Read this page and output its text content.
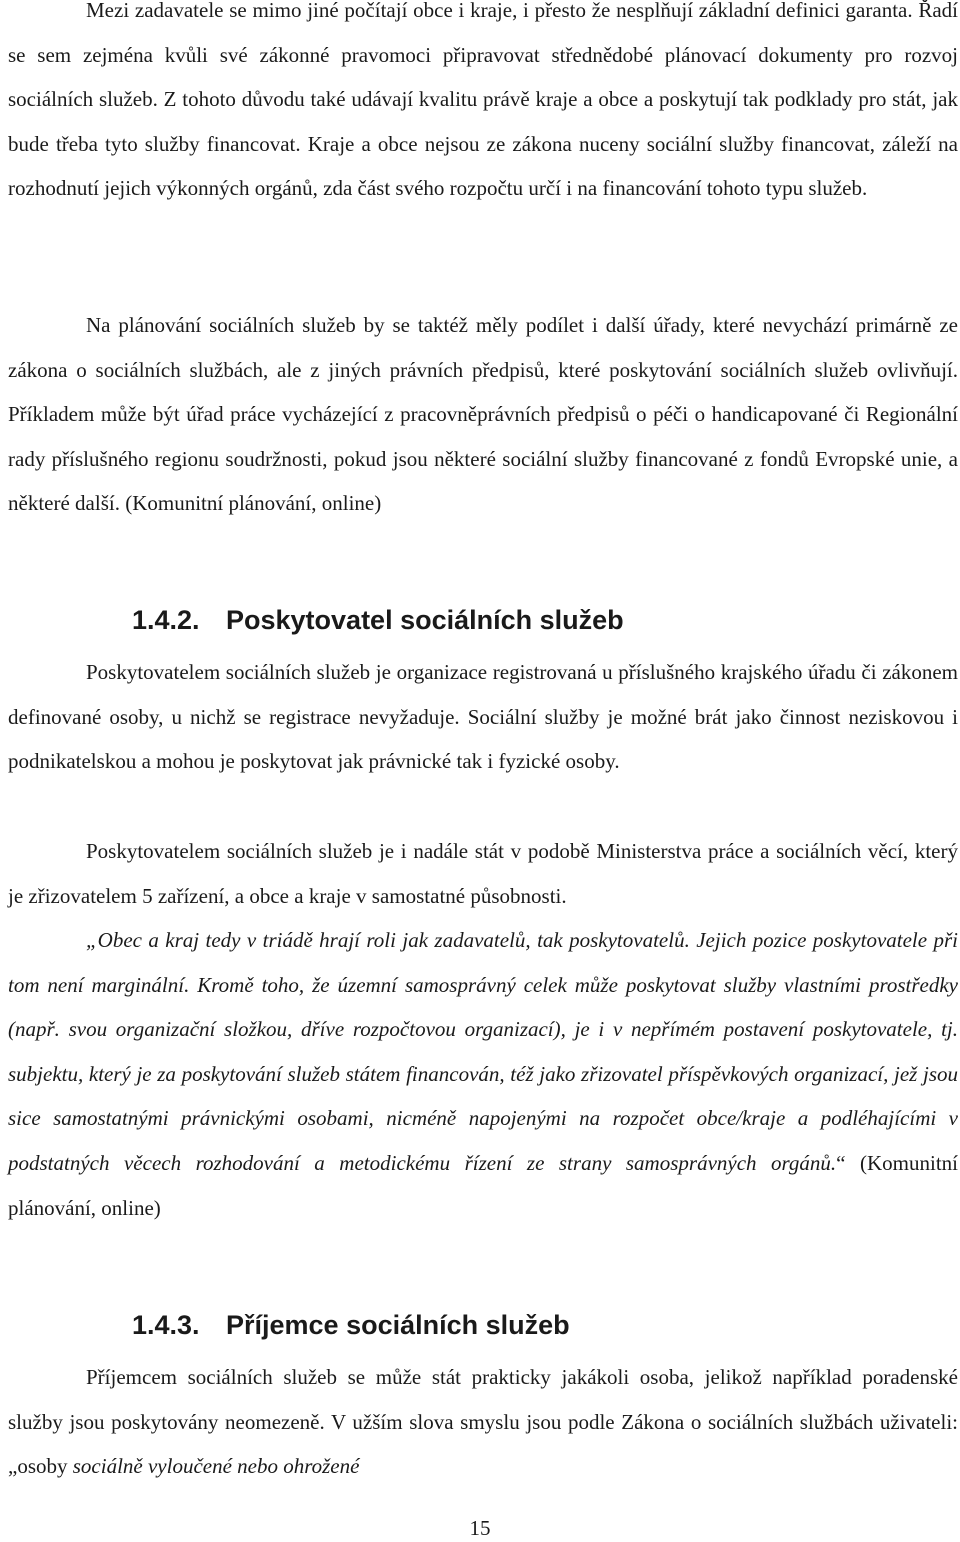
Mezi zadavatele se mimo jiné počítají obce i kraje, i přesto že nesplňují základní definici garanta. Řadí se sem zejména kvůli své zákonné pravomoci připravovat střednědobé plánovací dokumenty pro rozvoj sociálních služeb. Z tohoto důvodu také udávají kvalitu právě kraje a obce a poskytují tak podklady pro stát, jak bude třeba tyto služby financovat. Kraje a obce nejsou ze zákona nuceny sociální služby financovat, záleží na rozhodnutí jejich výkonných orgánů, zda část svého rozpočtu určí i na financování tohoto typu služeb.

Na plánování sociálních služeb by se taktéž měly podílet i další úřady, které nevychází primárně ze zákona o sociálních službách, ale z jiných právních předpisů, které poskytování sociálních služeb ovlivňují. Příkladem může být úřad práce vycházející z pracovněprávních předpisů o péči o handicapované či Regionální rady příslušného regionu soudržnosti, pokud jsou některé sociální služby financované z fondů Evropské unie, a některé další. (Komunitní plánování, online)

1.4.2. Poskytovatel sociálních služeb

Poskytovatelem sociálních služeb je organizace registrovaná u příslušného krajského úřadu či zákonem definované osoby, u nichž se registrace nevyžaduje. Sociální služby je možné brát jako činnost neziskovou i podnikatelskou a mohou je poskytovat jak právnické tak i fyzické osoby.

Poskytovatelem sociálních služeb je i nadále stát v podobě Ministerstva práce a sociálních věcí, který je zřizovatelem 5 zařízení, a obce a kraje v samostatné působnosti.

„Obec a kraj tedy v triádě hrají roli jak zadavatelů, tak poskytovatelů. Jejich pozice poskytovatele při tom není marginální. Kromě toho, že územní samosprávný celek může poskytovat služby vlastními prostředky (např. svou organizační složkou, dříve rozpočtovou organizací), je i v nepřímém postavení poskytovatele, tj. subjektu, který je za poskytování služeb státem financován, též jako zřizovatel příspěvkových organizací, jež jsou sice samostatnými právnickými osobami, nicméně napojenými na rozpočet obce/kraje a podléhajícími v podstatných věcech rozhodování a metodickému řízení ze strany samosprávných orgánů.“ (Komunitní plánování, online)

1.4.3. Příjemce sociálních služeb

Příjemcem sociálních služeb se může stát prakticky jakákoli osoba, jelikož například poradenské služby jsou poskytovány neomezeně. V užším slova smyslu jsou podle Zákona o sociálních službách uživateli: „osoby sociálně vyloučené nebo ohrožené

15
